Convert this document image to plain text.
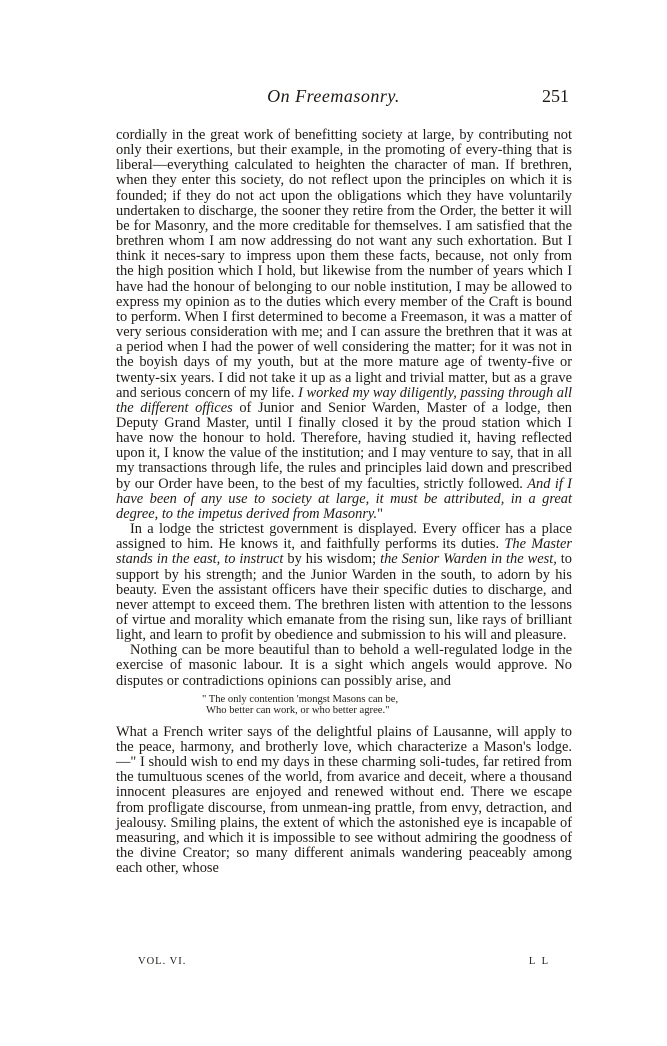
On Freemasonry.	251

cordially in the great work of benefitting society at large, by contributing not only their exertions, but their example, in the promoting of every-thing that is liberal—everything calculated to heighten the character of man. If brethren, when they enter this society, do not reflect upon the principles on which it is founded; if they do not act upon the obligations which they have voluntarily undertaken to discharge, the sooner they retire from the Order, the better it will be for Masonry, and the more creditable for themselves. I am satisfied that the brethren whom I am now addressing do not want any such exhortation. But I think it neces-sary to impress upon them these facts, because, not only from the high position which I hold, but likewise from the number of years which I have had the honour of belonging to our noble institution, I may be allowed to express my opinion as to the duties which every member of the Craft is bound to perform. When I first determined to become a Freemason, it was a matter of very serious consideration with me; and I can assure the brethren that it was at a period when I had the power of well considering the matter; for it was not in the boyish days of my youth, but at the more mature age of twenty-five or twenty-six years. I did not take it up as a light and trivial matter, but as a grave and serious concern of my life. I worked my way diligently, passing through all the different offices of Junior and Senior Warden, Master of a lodge, then Deputy Grand Master, until I finally closed it by the proud station which I have now the honour to hold. Therefore, having studied it, having reflected upon it, I know the value of the institution; and I may venture to say, that in all my transactions through life, the rules and principles laid down and prescribed by our Order have been, to the best of my faculties, strictly followed. And if I have been of any use to society at large, it must be attributed, in a great degree, to the impetus derived from Masonry."

In a lodge the strictest government is displayed. Every officer has a place assigned to him. He knows it, and faithfully performs its duties. The Master stands in the east, to instruct by his wisdom; the Senior Warden in the west, to support by his strength; and the Junior Warden in the south, to adorn by his beauty. Even the assistant officers have their specific duties to discharge, and never attempt to exceed them. The brethren listen with attention to the lessons of virtue and morality which emanate from the rising sun, like rays of brilliant light, and learn to profit by obedience and submission to his will and pleasure.

Nothing can be more beautiful than to behold a well-regulated lodge in the exercise of masonic labour. It is a sight which angels would approve. No disputes or contradictions opinions can possibly arise, and

" The only contention 'mongst Masons can be,
Who better can work, or who better agree."

What a French writer says of the delightful plains of Lausanne, will apply to the peace, harmony, and brotherly love, which characterize a Mason's lodge.—" I should wish to end my days in these charming soli-tudes, far retired from the tumultuous scenes of the world, from avarice and deceit, where a thousand innocent pleasures are enjoyed and renewed without end. There we escape from profligate discourse, from unmean-ing prattle, from envy, detraction, and jealousy. Smiling plains, the extent of which the astonished eye is incapable of measuring, and which it is impossible to see without admiring the goodness of the divine Creator; so many different animals wandering peaceably among each other, whose

VOL. VI.	L L
